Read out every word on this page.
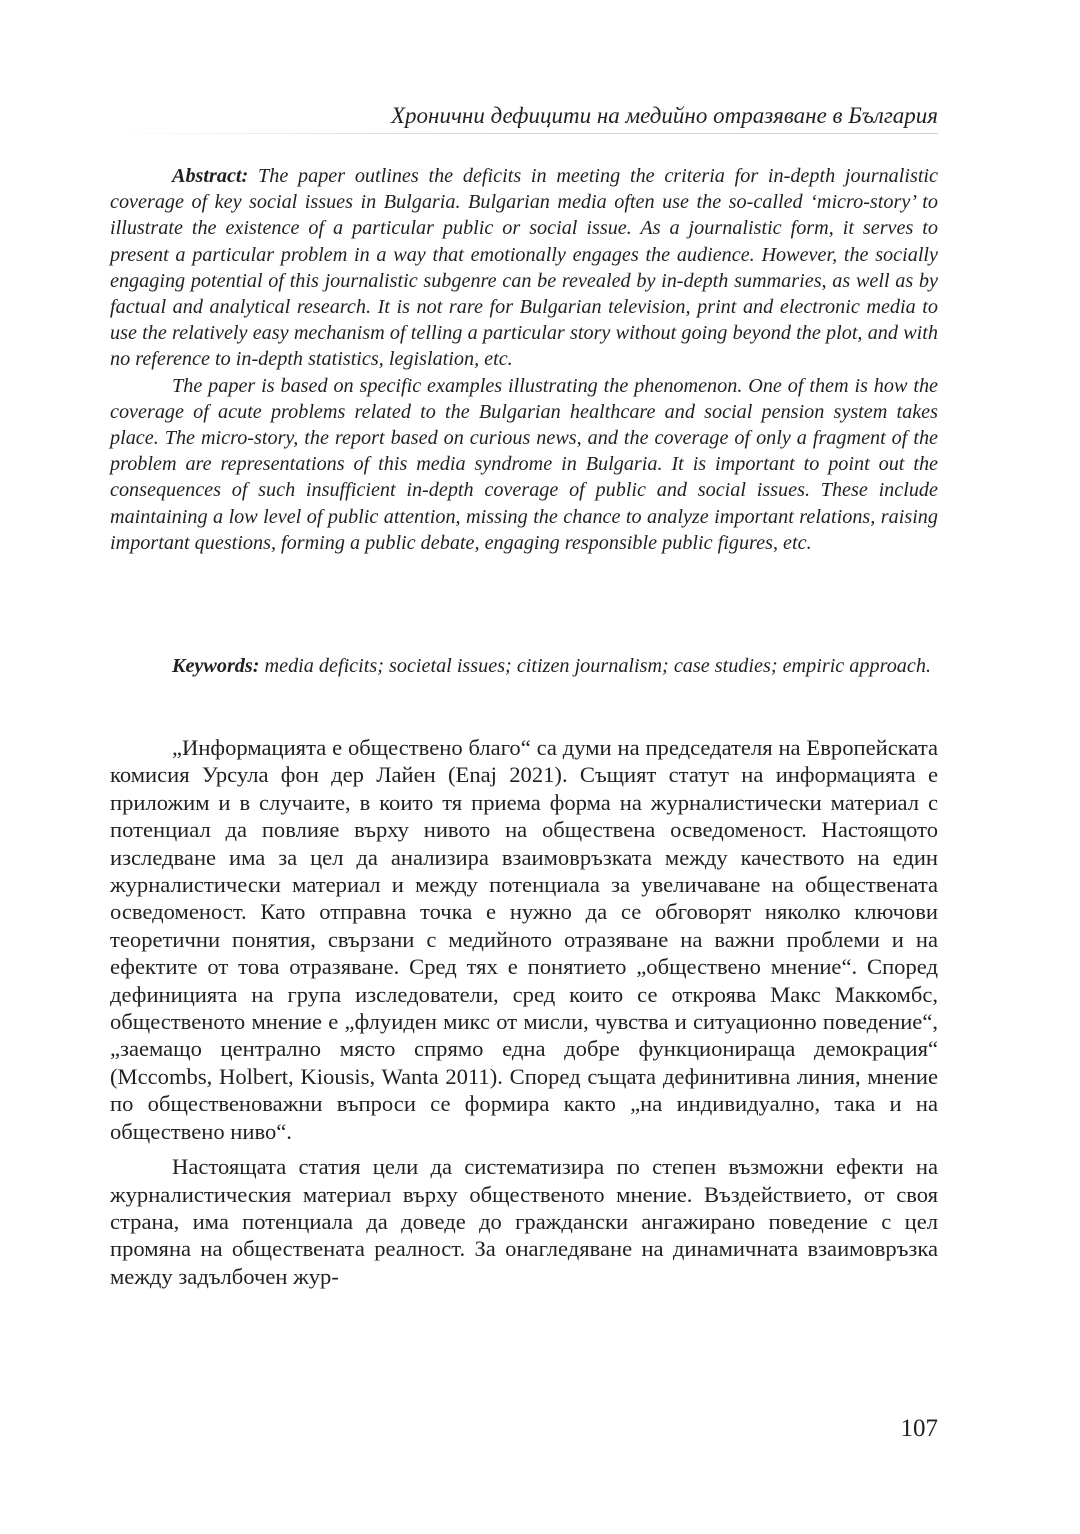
Хронични дефицити на медийно отразяване в България

Abstract: The paper outlines the deficits in meeting the criteria for in-depth journalistic coverage of key social issues in Bulgaria. Bulgarian media often use the so-called ‘micro-story’ to illustrate the existence of a particular public or social issue. As a journalistic form, it serves to present a particular problem in a way that emotionally engages the audience. However, the socially engaging potential of this journalistic subgenre can be revealed by in-depth summaries, as well as by factual and analytical research. It is not rare for Bulgarian television, print and electronic media to use the relatively easy mechanism of telling a particular story without going beyond the plot, and with no reference to in-depth statistics, legislation, etc.

The paper is based on specific examples illustrating the phenomenon. One of them is how the coverage of acute problems related to the Bulgarian healthcare and social pension system takes place. The micro-story, the report based on curious news, and the coverage of only a fragment of the problem are representations of this media syndrome in Bulgaria. It is important to point out the consequences of such insufficient in-depth coverage of public and social issues. These include maintaining a low level of public attention, missing the chance to analyze important relations, raising important questions, forming a public debate, engaging responsible public figures, etc.

Keywords: media deficits; societal issues; citizen journalism; case studies; empiric approach.

„Информацията е обществено благо“ са думи на председателя на Европейската комисия Урсула фон дер Лайен (Enaj 2021). Същият статут на информацията е приложим и в случаите, в които тя приема форма на журналистически материал с потенциал да повлияе върху нивото на обществена осведоменост. Настоящото изследване има за цел да анализира взаимовръзката между качеството на един журналистически материал и между потенциала за увеличаване на обществената осведоменост. Като отправна точка е нужно да се обговорят няколко ключови теоретични понятия, свързани с медийното отразяване на важни проблеми и на ефектите от това отразяване. Сред тях е понятието „обществено мнение“. Според дефиницията на група изследователи, сред които се откроява Макс Маккомбс, общественото мнение е „флуиден микс от мисли, чувства и ситуационно поведение“, „заемащо централно място спрямо една добре функционираща демокрация“ (Mccombs, Holbert, Kiousis, Wanta 2011). Според същата дефинитивна линия, мнение по общественоважни въпроси се формира както „на индивидуално, така и на обществено ниво“.

Настоящата статия цели да систематизира по степен възможни ефекти на журналистическия материал върху общественото мнение. Въздействието, от своя страна, има потенциала да доведе до граждански ангажирано поведение с цел промяна на обществената реалност. За онагледяване на динамичната взаимовръзка между задълбочен жур-

107
